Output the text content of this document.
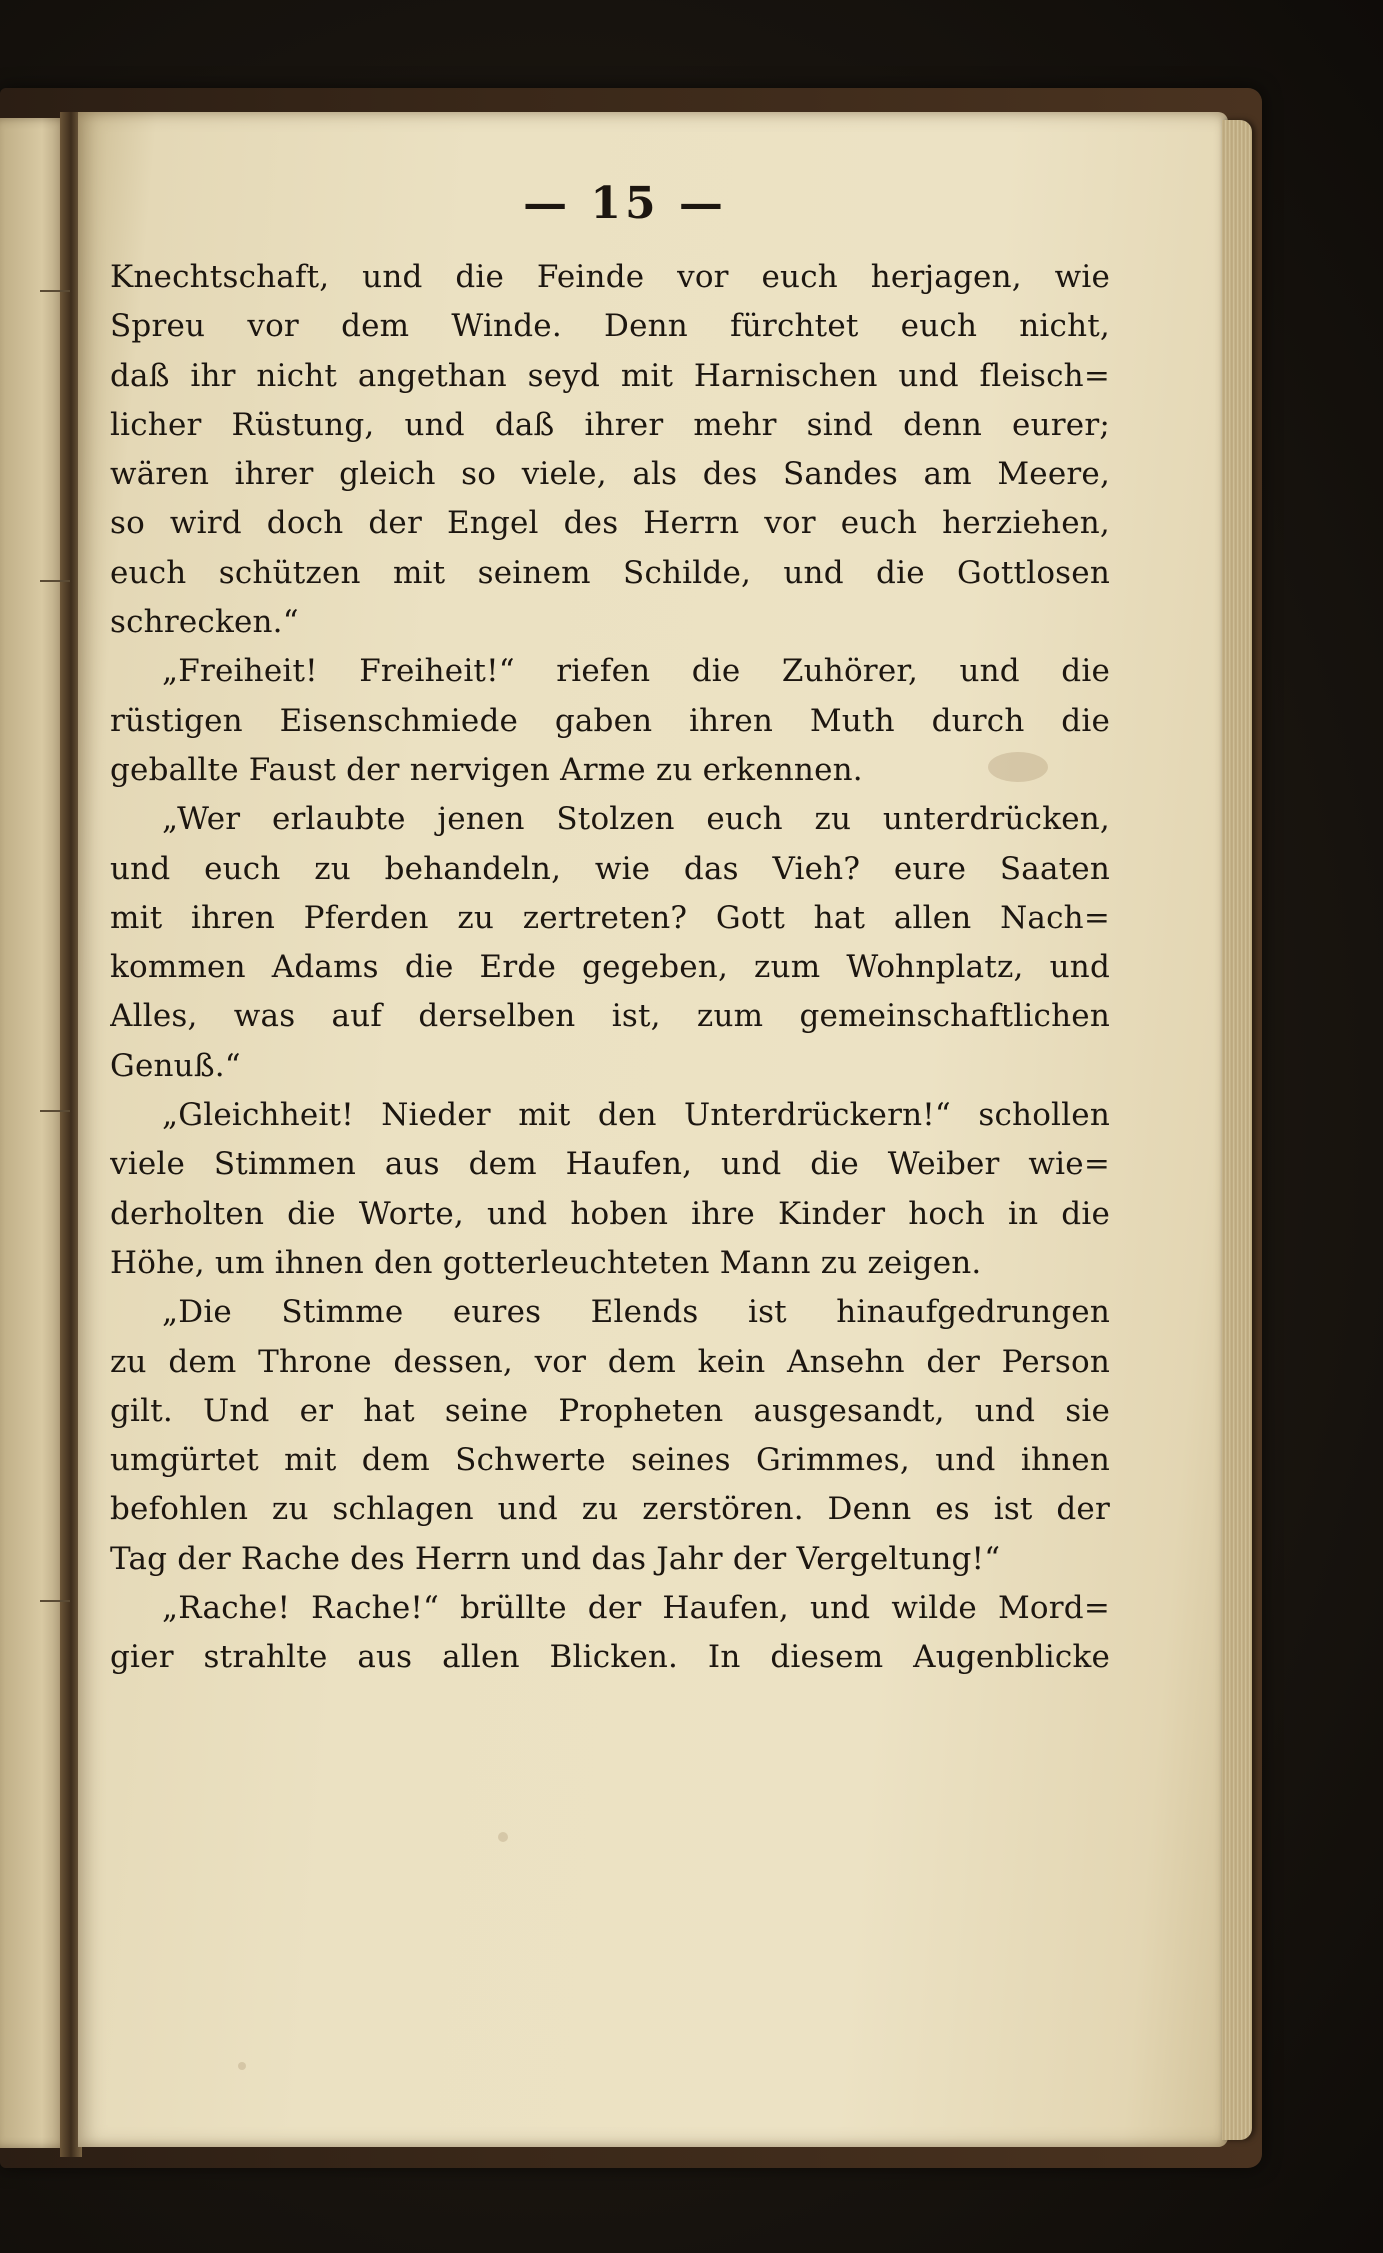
— 15 —
Knechtschaft, und die Feinde vor euch herjagen, wie
Spreu vor dem Winde. Denn fürchtet euch nicht,
daß ihr nicht angethan seyd mit Harnischen und fleisch=
licher Rüstung, und daß ihrer mehr sind denn eurer;
wären ihrer gleich so viele, als des Sandes am Meere,
so wird doch der Engel des Herrn vor euch herziehen,
euch schützen mit seinem Schilde, und die Gottlosen
schrecken.“
„Freiheit! Freiheit!“ riefen die Zuhörer, und die
rüstigen Eisenschmiede gaben ihren Muth durch die
geballte Faust der nervigen Arme zu erkennen.
„Wer erlaubte jenen Stolzen euch zu unterdrücken,
und euch zu behandeln, wie das Vieh? eure Saaten
mit ihren Pferden zu zertreten? Gott hat allen Nach=
kommen Adams die Erde gegeben, zum Wohnplatz, und
Alles, was auf derselben ist, zum gemeinschaftlichen
Genuß.“
„Gleichheit! Nieder mit den Unterdrückern!“ schollen
viele Stimmen aus dem Haufen, und die Weiber wie=
derholten die Worte, und hoben ihre Kinder hoch in die
Höhe, um ihnen den gotterleuchteten Mann zu zeigen.
„Die Stimme eures Elends ist hinaufgedrungen
zu dem Throne dessen, vor dem kein Ansehn der Person
gilt. Und er hat seine Propheten ausgesandt, und sie
umgürtet mit dem Schwerte seines Grimmes, und ihnen
befohlen zu schlagen und zu zerstören. Denn es ist der
Tag der Rache des Herrn und das Jahr der Vergeltung!“
„Rache! Rache!“ brüllte der Haufen, und wilde Mord=
gier strahlte aus allen Blicken. In diesem Augenblicke
